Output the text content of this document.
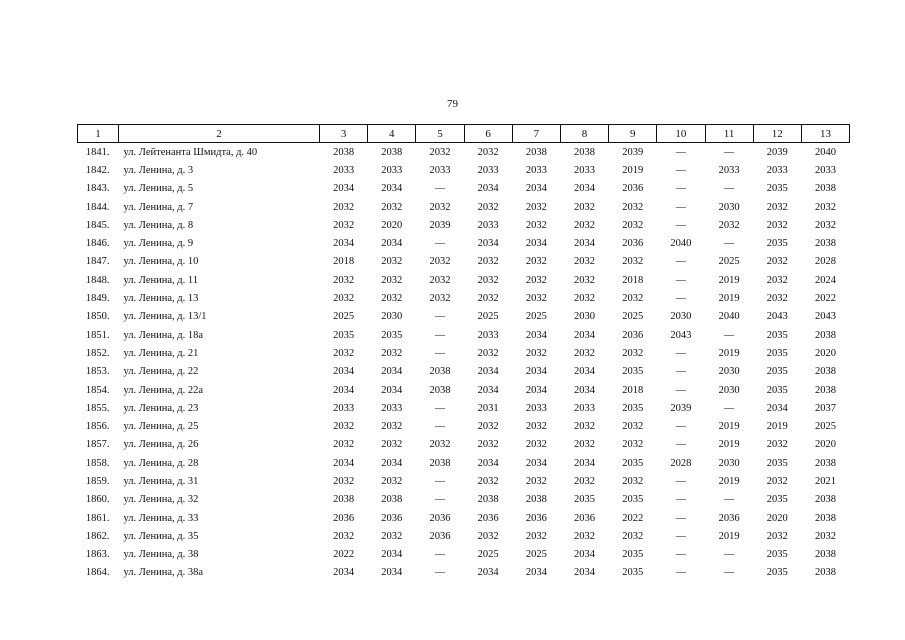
79
1	2	3	4	5	6	7	8	9	10	11	12	13
1841.	ул. Лейтенанта Шмидта, д. 40	2038	2038	2032	2032	2038	2038	2039	—	—	2039	2040
1842.	ул. Ленина, д. 3	2033	2033	2033	2033	2033	2033	2019	—	2033	2033	2033
1843.	ул. Ленина, д. 5	2034	2034	—	2034	2034	2034	2036	—	—	2035	2038
1844.	ул. Ленина, д. 7	2032	2032	2032	2032	2032	2032	2032	—	2030	2032	2032
1845.	ул. Ленина, д. 8	2032	2020	2039	2033	2032	2032	2032	—	2032	2032	2032
1846.	ул. Ленина, д. 9	2034	2034	—	2034	2034	2034	2036	2040	—	2035	2038
1847.	ул. Ленина, д. 10	2018	2032	2032	2032	2032	2032	2032	—	2025	2032	2028
1848.	ул. Ленина, д. 11	2032	2032	2032	2032	2032	2032	2018	—	2019	2032	2024
1849.	ул. Ленина, д. 13	2032	2032	2032	2032	2032	2032	2032	—	2019	2032	2022
1850.	ул. Ленина, д. 13/1	2025	2030	—	2025	2025	2030	2025	2030	2040	2043	2043
1851.	ул. Ленина, д. 18а	2035	2035	—	2033	2034	2034	2036	2043	—	2035	2038
1852.	ул. Ленина, д. 21	2032	2032	—	2032	2032	2032	2032	—	2019	2035	2020
1853.	ул. Ленина, д. 22	2034	2034	2038	2034	2034	2034	2035	—	2030	2035	2038
1854.	ул. Ленина, д. 22а	2034	2034	2038	2034	2034	2034	2018	—	2030	2035	2038
1855.	ул. Ленина, д. 23	2033	2033	—	2031	2033	2033	2035	2039	—	2034	2037
1856.	ул. Ленина, д. 25	2032	2032	—	2032	2032	2032	2032	—	2019	2019	2025
1857.	ул. Ленина, д. 26	2032	2032	2032	2032	2032	2032	2032	—	2019	2032	2020
1858.	ул. Ленина, д. 28	2034	2034	2038	2034	2034	2034	2035	2028	2030	2035	2038
1859.	ул. Ленина, д. 31	2032	2032	—	2032	2032	2032	2032	—	2019	2032	2021
1860.	ул. Ленина, д. 32	2038	2038	—	2038	2038	2035	2035	—	—	2035	2038
1861.	ул. Ленина, д. 33	2036	2036	2036	2036	2036	2036	2022	—	2036	2020	2038
1862.	ул. Ленина, д. 35	2032	2032	2036	2032	2032	2032	2032	—	2019	2032	2032
1863.	ул. Ленина, д. 38	2022	2034	—	2025	2025	2034	2035	—	—	2035	2038
1864.	ул. Ленина, д. 38а	2034	2034	—	2034	2034	2034	2035	—	—	2035	2038
